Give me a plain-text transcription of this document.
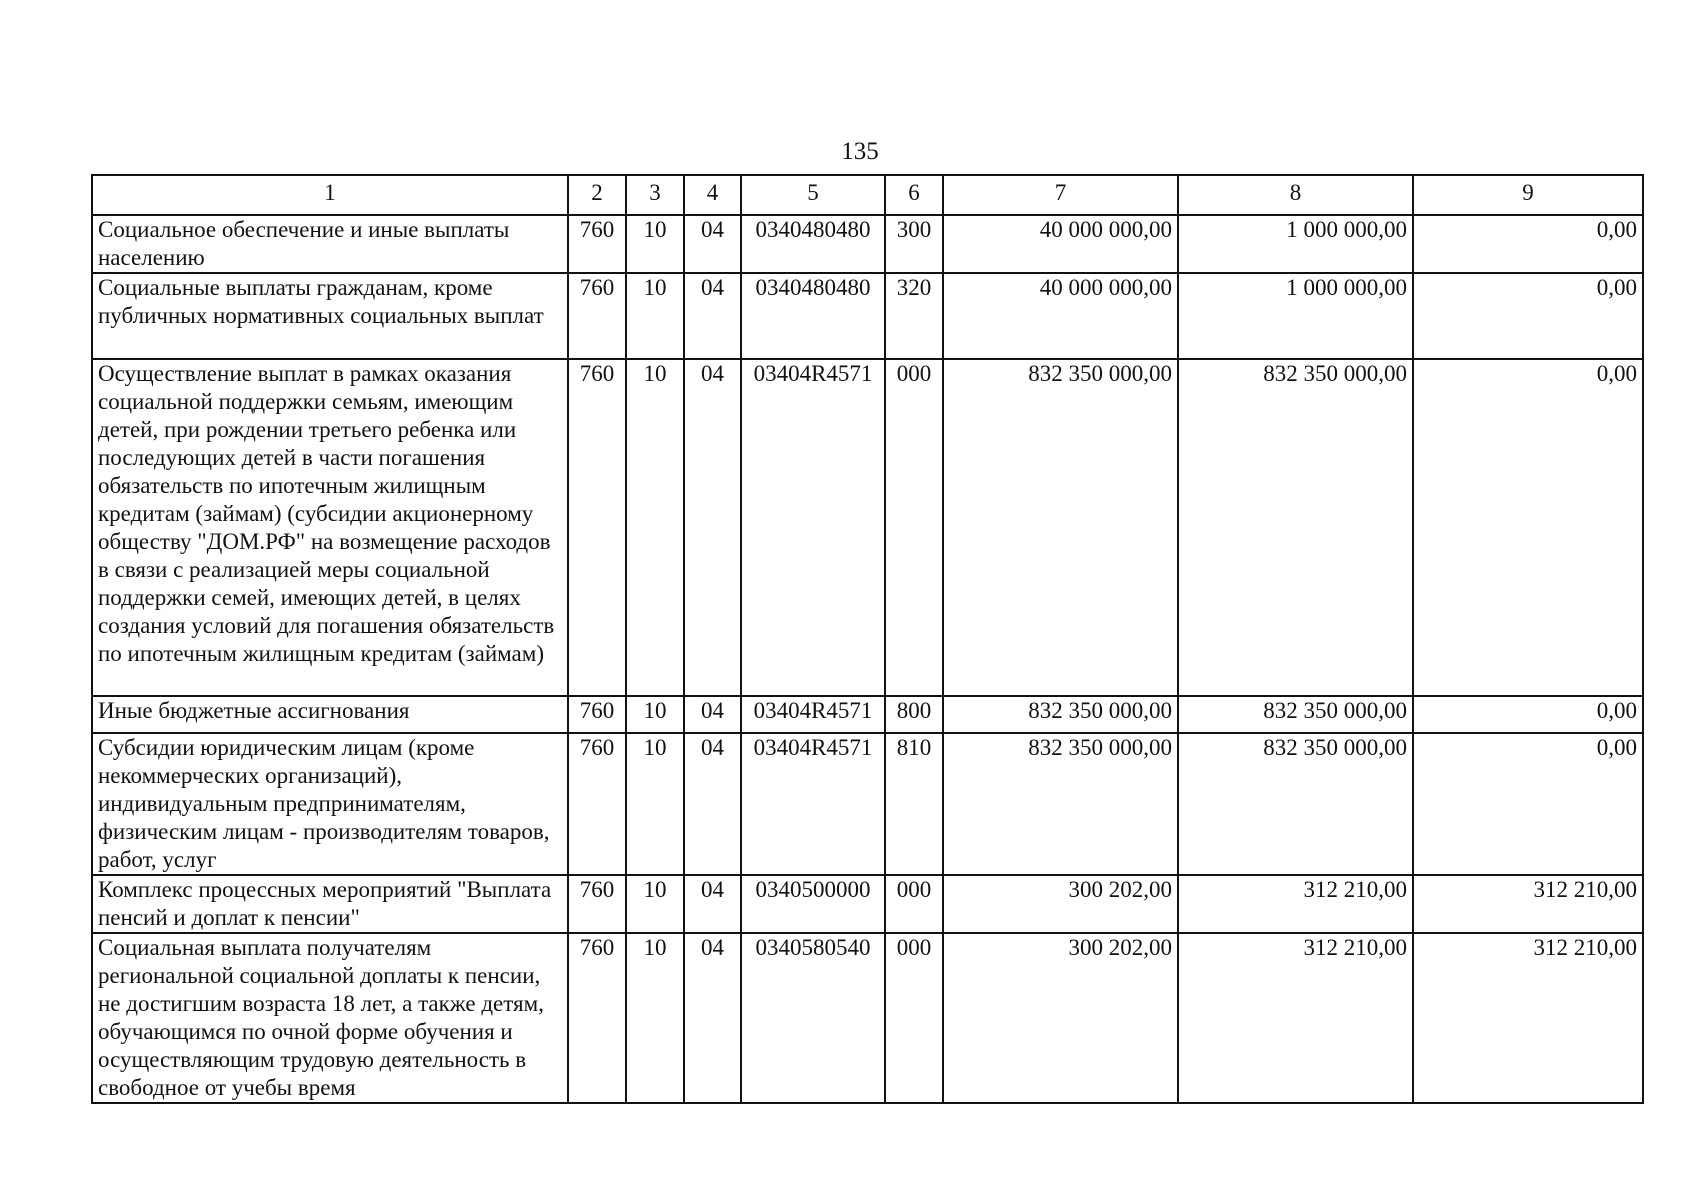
135
1	2	3	4	5	6	7	8	9
Социальное обеспечение и иные выплаты населению	760	10	04	0340480480	300	40 000 000,00	1 000 000,00	0,00
Социальные выплаты гражданам, кроме публичных нормативных социальных выплат	760	10	04	0340480480	320	40 000 000,00	1 000 000,00	0,00
Осуществление выплат в рамках оказания социальной поддержки семьям, имеющим детей, при рождении третьего ребенка или последующих детей в части погашения обязательств по ипотечным жилищным кредитам (займам) (субсидии акционерному обществу "ДОМ.РФ" на возмещение расходов в связи с реализацией меры социальной поддержки семей, имеющих детей, в целях создания условий для погашения обязательств по ипотечным жилищным кредитам (займам)	760	10	04	03404R4571	000	832 350 000,00	832 350 000,00	0,00
Иные бюджетные ассигнования	760	10	04	03404R4571	800	832 350 000,00	832 350 000,00	0,00
Субсидии юридическим лицам (кроме некоммерческих организаций), индивидуальным предпринимателям, физическим лицам - производителям товаров, работ, услуг	760	10	04	03404R4571	810	832 350 000,00	832 350 000,00	0,00
Комплекс процессных мероприятий "Выплата пенсий и доплат к пенсии"	760	10	04	0340500000	000	300 202,00	312 210,00	312 210,00
Социальная выплата получателям региональной социальной доплаты к пенсии, не достигшим возраста 18 лет, а также детям, обучающимся по очной форме обучения и осуществляющим трудовую деятельность в свободное от учебы время	760	10	04	0340580540	000	300 202,00	312 210,00	312 210,00
